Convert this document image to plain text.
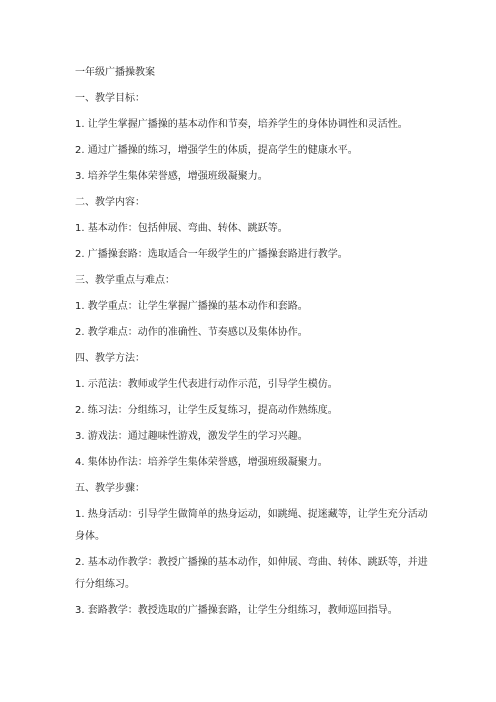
一年级广播操教案

一、教学目标：

1. 让学生掌握广播操的基本动作和节奏，培养学生的身体协调性和灵活性。

2. 通过广播操的练习，增强学生的体质，提高学生的健康水平。

3. 培养学生集体荣誉感，增强班级凝聚力。

二、教学内容：

1. 基本动作：包括伸展、弯曲、转体、跳跃等。

2. 广播操套路：选取适合一年级学生的广播操套路进行教学。

三、教学重点与难点：

1. 教学重点：让学生掌握广播操的基本动作和套路。

2. 教学难点：动作的准确性、节奏感以及集体协作。

四、教学方法：

1. 示范法：教师或学生代表进行动作示范，引导学生模仿。

2. 练习法：分组练习，让学生反复练习，提高动作熟练度。

3. 游戏法：通过趣味性游戏，激发学生的学习兴趣。

4. 集体协作法：培养学生集体荣誉感，增强班级凝聚力。

五、教学步骤：

1. 热身活动：引导学生做简单的热身运动，如跳绳、捉迷藏等，让学生充分活动身体。

2. 基本动作教学：教授广播操的基本动作，如伸展、弯曲、转体、跳跃等，并进行分组练习。

3. 套路教学：教授选取的广播操套路，让学生分组练习，教师巡回指导。
